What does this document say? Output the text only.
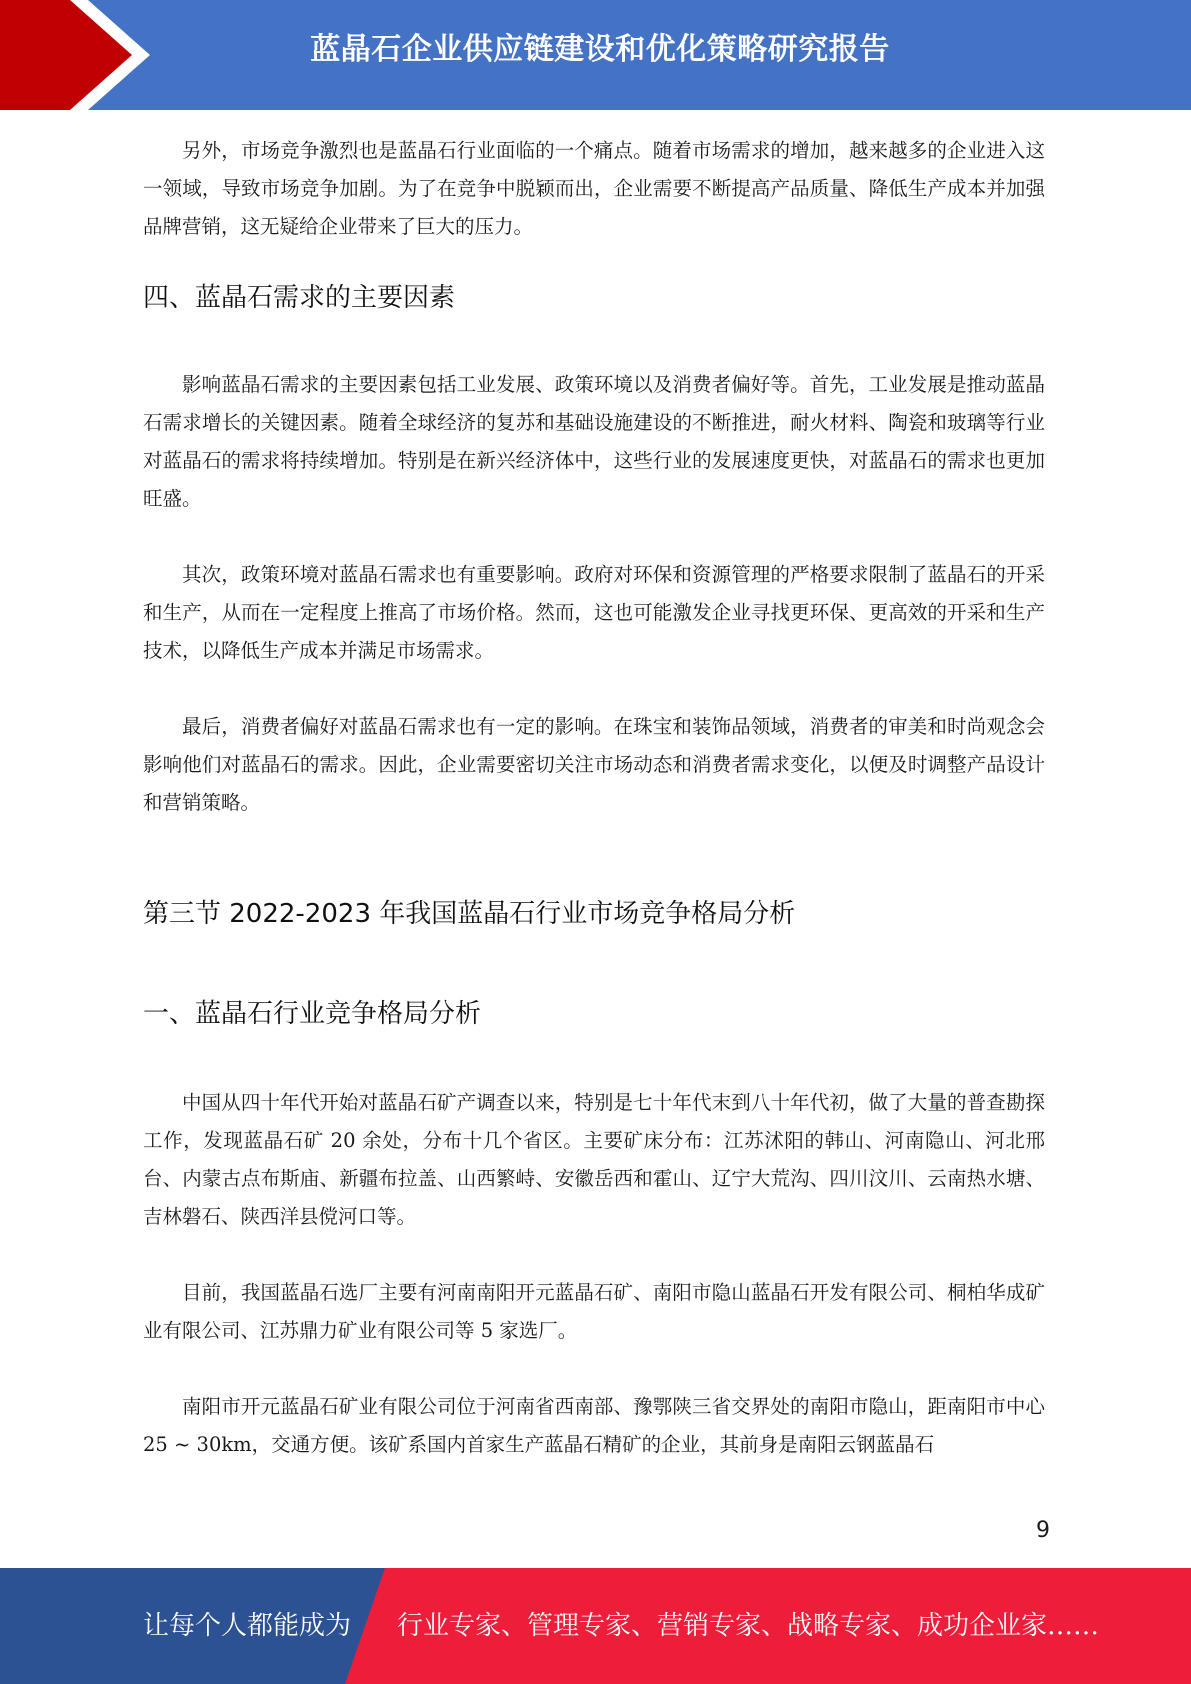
蓝晶石企业供应链建设和优化策略研究报告

另外，市场竞争激烈也是蓝晶石行业面临的一个痛点。随着市场需求的增加，越来越多的企业进入这一领域，导致市场竞争加剧。为了在竞争中脱颖而出，企业需要不断提高产品质量、降低生产成本并加强品牌营销，这无疑给企业带来了巨大的压力。

四、蓝晶石需求的主要因素

影响蓝晶石需求的主要因素包括工业发展、政策环境以及消费者偏好等。首先，工业发展是推动蓝晶石需求增长的关键因素。随着全球经济的复苏和基础设施建设的不断推进，耐火材料、陶瓷和玻璃等行业对蓝晶石的需求将持续增加。特别是在新兴经济体中，这些行业的发展速度更快，对蓝晶石的需求也更加旺盛。

其次，政策环境对蓝晶石需求也有重要影响。政府对环保和资源管理的严格要求限制了蓝晶石的开采和生产，从而在一定程度上推高了市场价格。然而，这也可能激发企业寻找更环保、更高效的开采和生产技术，以降低生产成本并满足市场需求。

最后，消费者偏好对蓝晶石需求也有一定的影响。在珠宝和装饰品领域，消费者的审美和时尚观念会影响他们对蓝晶石的需求。因此，企业需要密切关注市场动态和消费者需求变化，以便及时调整产品设计和营销策略。

第三节 2022-2023 年我国蓝晶石行业市场竞争格局分析
一、蓝晶石行业竞争格局分析

中国从四十年代开始对蓝晶石矿产调查以来，特别是七十年代末到八十年代初，做了大量的普查勘探工作，发现蓝晶石矿 20 余处，分布十几个省区。主要矿床分布：江苏沭阳的韩山、河南隐山、河北邢台、内蒙古点布斯庙、新疆布拉盖、山西繁峙、安徽岳西和霍山、辽宁大荒沟、四川汶川、云南热水塘、吉林磐石、陕西洋县傥河口等。

目前，我国蓝晶石选厂主要有河南南阳开元蓝晶石矿、南阳市隐山蓝晶石开发有限公司、桐柏华成矿业有限公司、江苏鼎力矿业有限公司等 5 家选厂。

南阳市开元蓝晶石矿业有限公司位于河南省西南部、豫鄂陕三省交界处的南阳市隐山，距南阳市中心 25 ~ 30km，交通方便。该矿系国内首家生产蓝晶石精矿的企业，其前身是南阳云钢蓝晶石

9
让每个人都能成为 行业专家、管理专家、营销专家、战略专家、成功企业家……
